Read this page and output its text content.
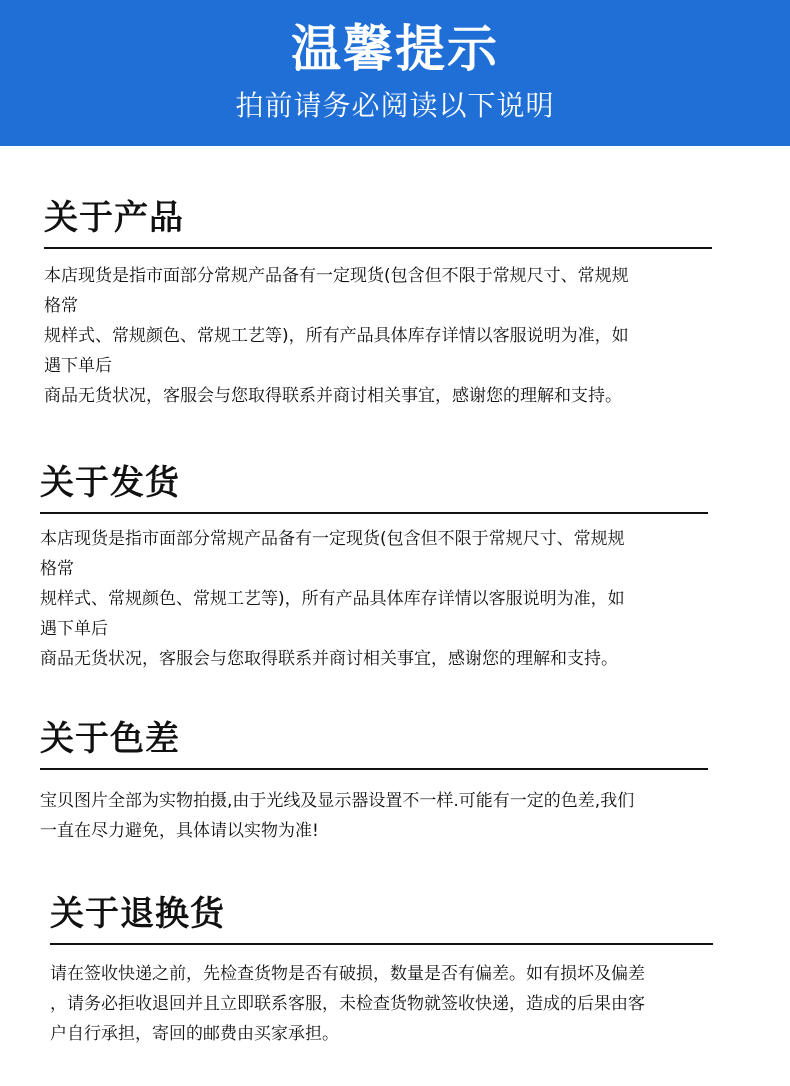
温馨提示
拍前请务必阅读以下说明
关于产品
本店现货是指市面部分常规产品备有一定现货(包含但不限于常规尺寸、常规规
格常
规样式、常规颜色、常规工艺等)，所有产品具体库存详情以客服说明为准，如
遇下单后
商品无货状况，客服会与您取得联系并商讨相关事宜，感谢您的理解和支持。
关于发货
本店现货是指市面部分常规产品备有一定现货(包含但不限于常规尺寸、常规规
格常
规样式、常规颜色、常规工艺等)，所有产品具体库存详情以客服说明为准，如
遇下单后
商品无货状况，客服会与您取得联系并商讨相关事宜，感谢您的理解和支持。
关于色差
宝贝图片全部为实物拍摄,由于光线及显示器设置不一样.可能有一定的色差,我们
一直在尽力避免，具体请以实物为准!
关于退换货
请在签收快递之前，先检查货物是否有破损，数量是否有偏差。如有损坏及偏差
，请务必拒收退回并且立即联系客服，未检查货物就签收快递，造成的后果由客
户自行承担，寄回的邮费由买家承担。
